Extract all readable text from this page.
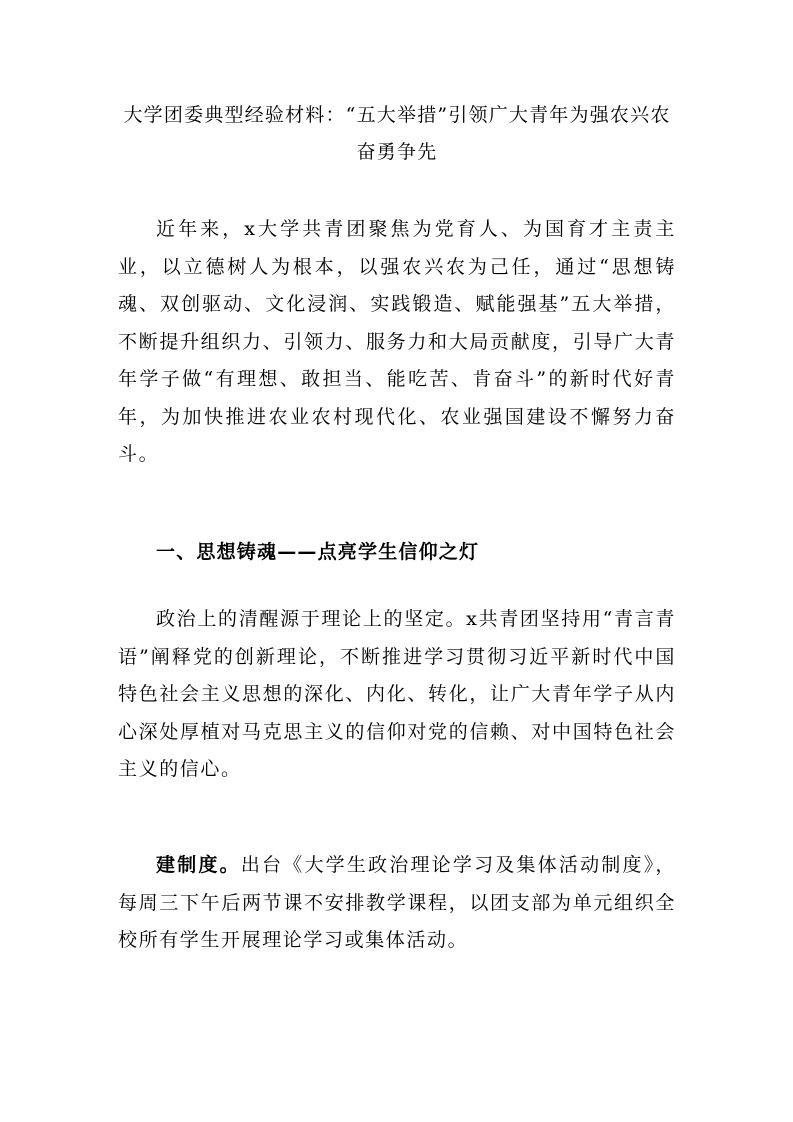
大学团委典型经验材料：“五大举措”引领广大青年为强农兴农奋勇争先

近年来，x大学共青团聚焦为党育人、为国育才主责主业，以立德树人为根本，以强农兴农为己任，通过“思想铸魂、双创驱动、文化浸润、实践锻造、赋能强基”五大举措，不断提升组织力、引领力、服务力和大局贡献度，引导广大青年学子做“有理想、敢担当、能吃苦、肯奋斗”的新时代好青年，为加快推进农业农村现代化、农业强国建设不懈努力奋斗。

一、思想铸魂——点亮学生信仰之灯

政治上的清醒源于理论上的坚定。x共青团坚持用“青言青语”阐释党的创新理论，不断推进学习贯彻习近平新时代中国特色社会主义思想的深化、内化、转化，让广大青年学子从内心深处厚植对马克思主义的信仰对党的信赖、对中国特色社会主义的信心。

建制度。出台《大学生政治理论学习及集体活动制度》，每周三下午后两节课不安排教学课程，以团支部为单元组织全校所有学生开展理论学习或集体活动。
